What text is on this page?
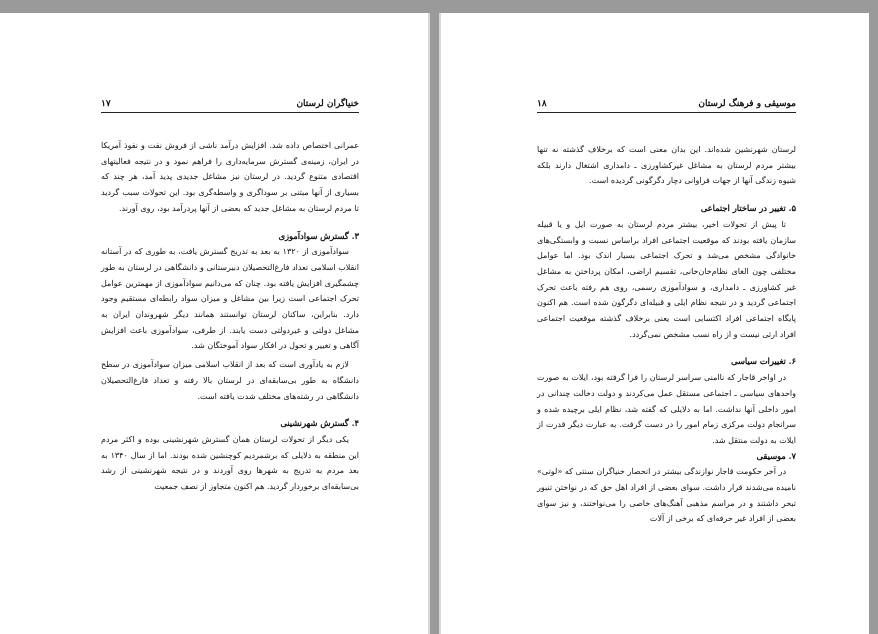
خنیاگران لرستان
۱۷

عمرانی اختصاص داده شد. افزایش درآمد ناشی از فروش نفت و نفوذ آمریکا در ایران، زمینه‌ی گسترش سرمایه‌داری را فراهم نمود و در نتیجه فعالیتهای اقتصادی متنوع گردید. در لرستان نیز مشاغل جدیدی پدید آمد، هر چند که بسیاری از آنها مبتنی بر سوداگری و واسطه‌گری بود. این تحولات سبب گردید تا مردم لرستان به مشاغل جدید که بعضی از آنها پردرآمد بود، روی آورند.

۳. گسترش سوادآموزی

سوادآموزی از ۱۳۲۰ به بعد به تدریج گسترش یافت، به طوری که در آستانه انقلاب اسلامی تعداد فارغ‌التحصیلان دبیرستانی و دانشگاهی در لرستان به طور چشمگیری افزایش یافته بود. چنان که می‌دانیم سوادآموزی از مهمترین عوامل تحرک اجتماعی است زیرا بین مشاغل و میزان سواد رابطه‌ای مستقیم وجود دارد. بنابراین، ساکنان لرستان توانستند همانند دیگر شهروندان ایران به مشاغل دولتی و غیردولتی دست یابند. از طرفی، سوادآموزی باعث افزایش آگاهی و تغییر و تحول در افکار سواد آموختگان شد.

لازم به یادآوری است که بعد از انقلاب اسلامی میزان سوادآموزی در سطح دانشگاه به طور بی‌سابقه‌ای در لرستان بالا رفته و تعداد فارغ‌التحصیلان دانشگاهی در رشته‌های مختلف شدت یافته است.

۴. گسترش شهرنشینی

یکی دیگر از تحولات لرستان همان گسترش شهرنشینی بوده و اکثر مردم این منطقه به دلایلی که برشمردیم کوچنشین شده بودند. اما از سال ۱۳۴۰ به بعد مردم به تدریج به شهرها روی آوردند و در نتیجه شهرنشینی از رشد بی‌سابقه‌ای برخوردار گردید. هم اکنون متجاوز از نصف جمعیت

موسیقی و فرهنگ لرستان
۱۸

لرستان شهرنشین شده‌اند. این بدان معنی است که برخلاف گذشته نه تنها بیشتر مردم لرستان به مشاغل غیرکشاورزی ـ دامداری اشتغال دارند بلکه شیوه زندگی آنها از جهات فراوانی دچار دگرگونی گردیده است.

۵. تغییر در ساختار اجتماعی

تا پیش از تحولات اخیر، بیشتر مردم لرستان به صورت ایل و یا قبیله سازمان یافته بودند که موقعیت اجتماعی افراد براساس نسبت و وابستگی‌های خانوادگی مشخص می‌شد و تحرک اجتماعی بسیار اندک بود. اما عوامل مختلفی چون الغای نظام‌خان‌خانی، تقسیم اراضی، امکان پرداختن به مشاغل غیر کشاورزی ـ دامداری، و سوادآموزی رسمی، روی هم رفته باعث تحرک اجتماعی گردید و در نتیجه نظام ایلی و قبیله‌ای دگرگون شده است. هم اکنون پایگاه اجتماعی افراد اکتسابی است یعنی برخلاف گذشته موقعیت اجتماعی افراد ارثی نیست و از راه نسب مشخص نمی‌گردد.

۶. تغییرات سیاسی

در اواخر قاجار که ناامنی سراسر لرستان را فرا گرفته بود، ایلات به صورت واحدهای سیاسی ـ اجتماعی مستقل عمل می‌کردند و دولت دخالت چندانی در امور داخلی آنها نداشت. اما به دلایلی که گفته شد، نظام ایلی برچیده شده و سرانجام دولت مرکزی زمام امور را در دست گرفت. به عبارت دیگر قدرت از ایلات به دولت منتقل شد.

۷. موسیقی

در آخر حکومت قاجار نوازندگی بیشتر در انحصار خنیاگران سنتی که «لوتی» نامیده می‌شدند قرار داشت. سوای بعضی از افراد اهل حق که در نواختن تنبور تبحر داشتند و در مراسم مذهبی آهنگ‌های خاصی را می‌نواختند، و نیز سوای بعضی از افراد غیر حرفه‌ای که برخی از آلات
